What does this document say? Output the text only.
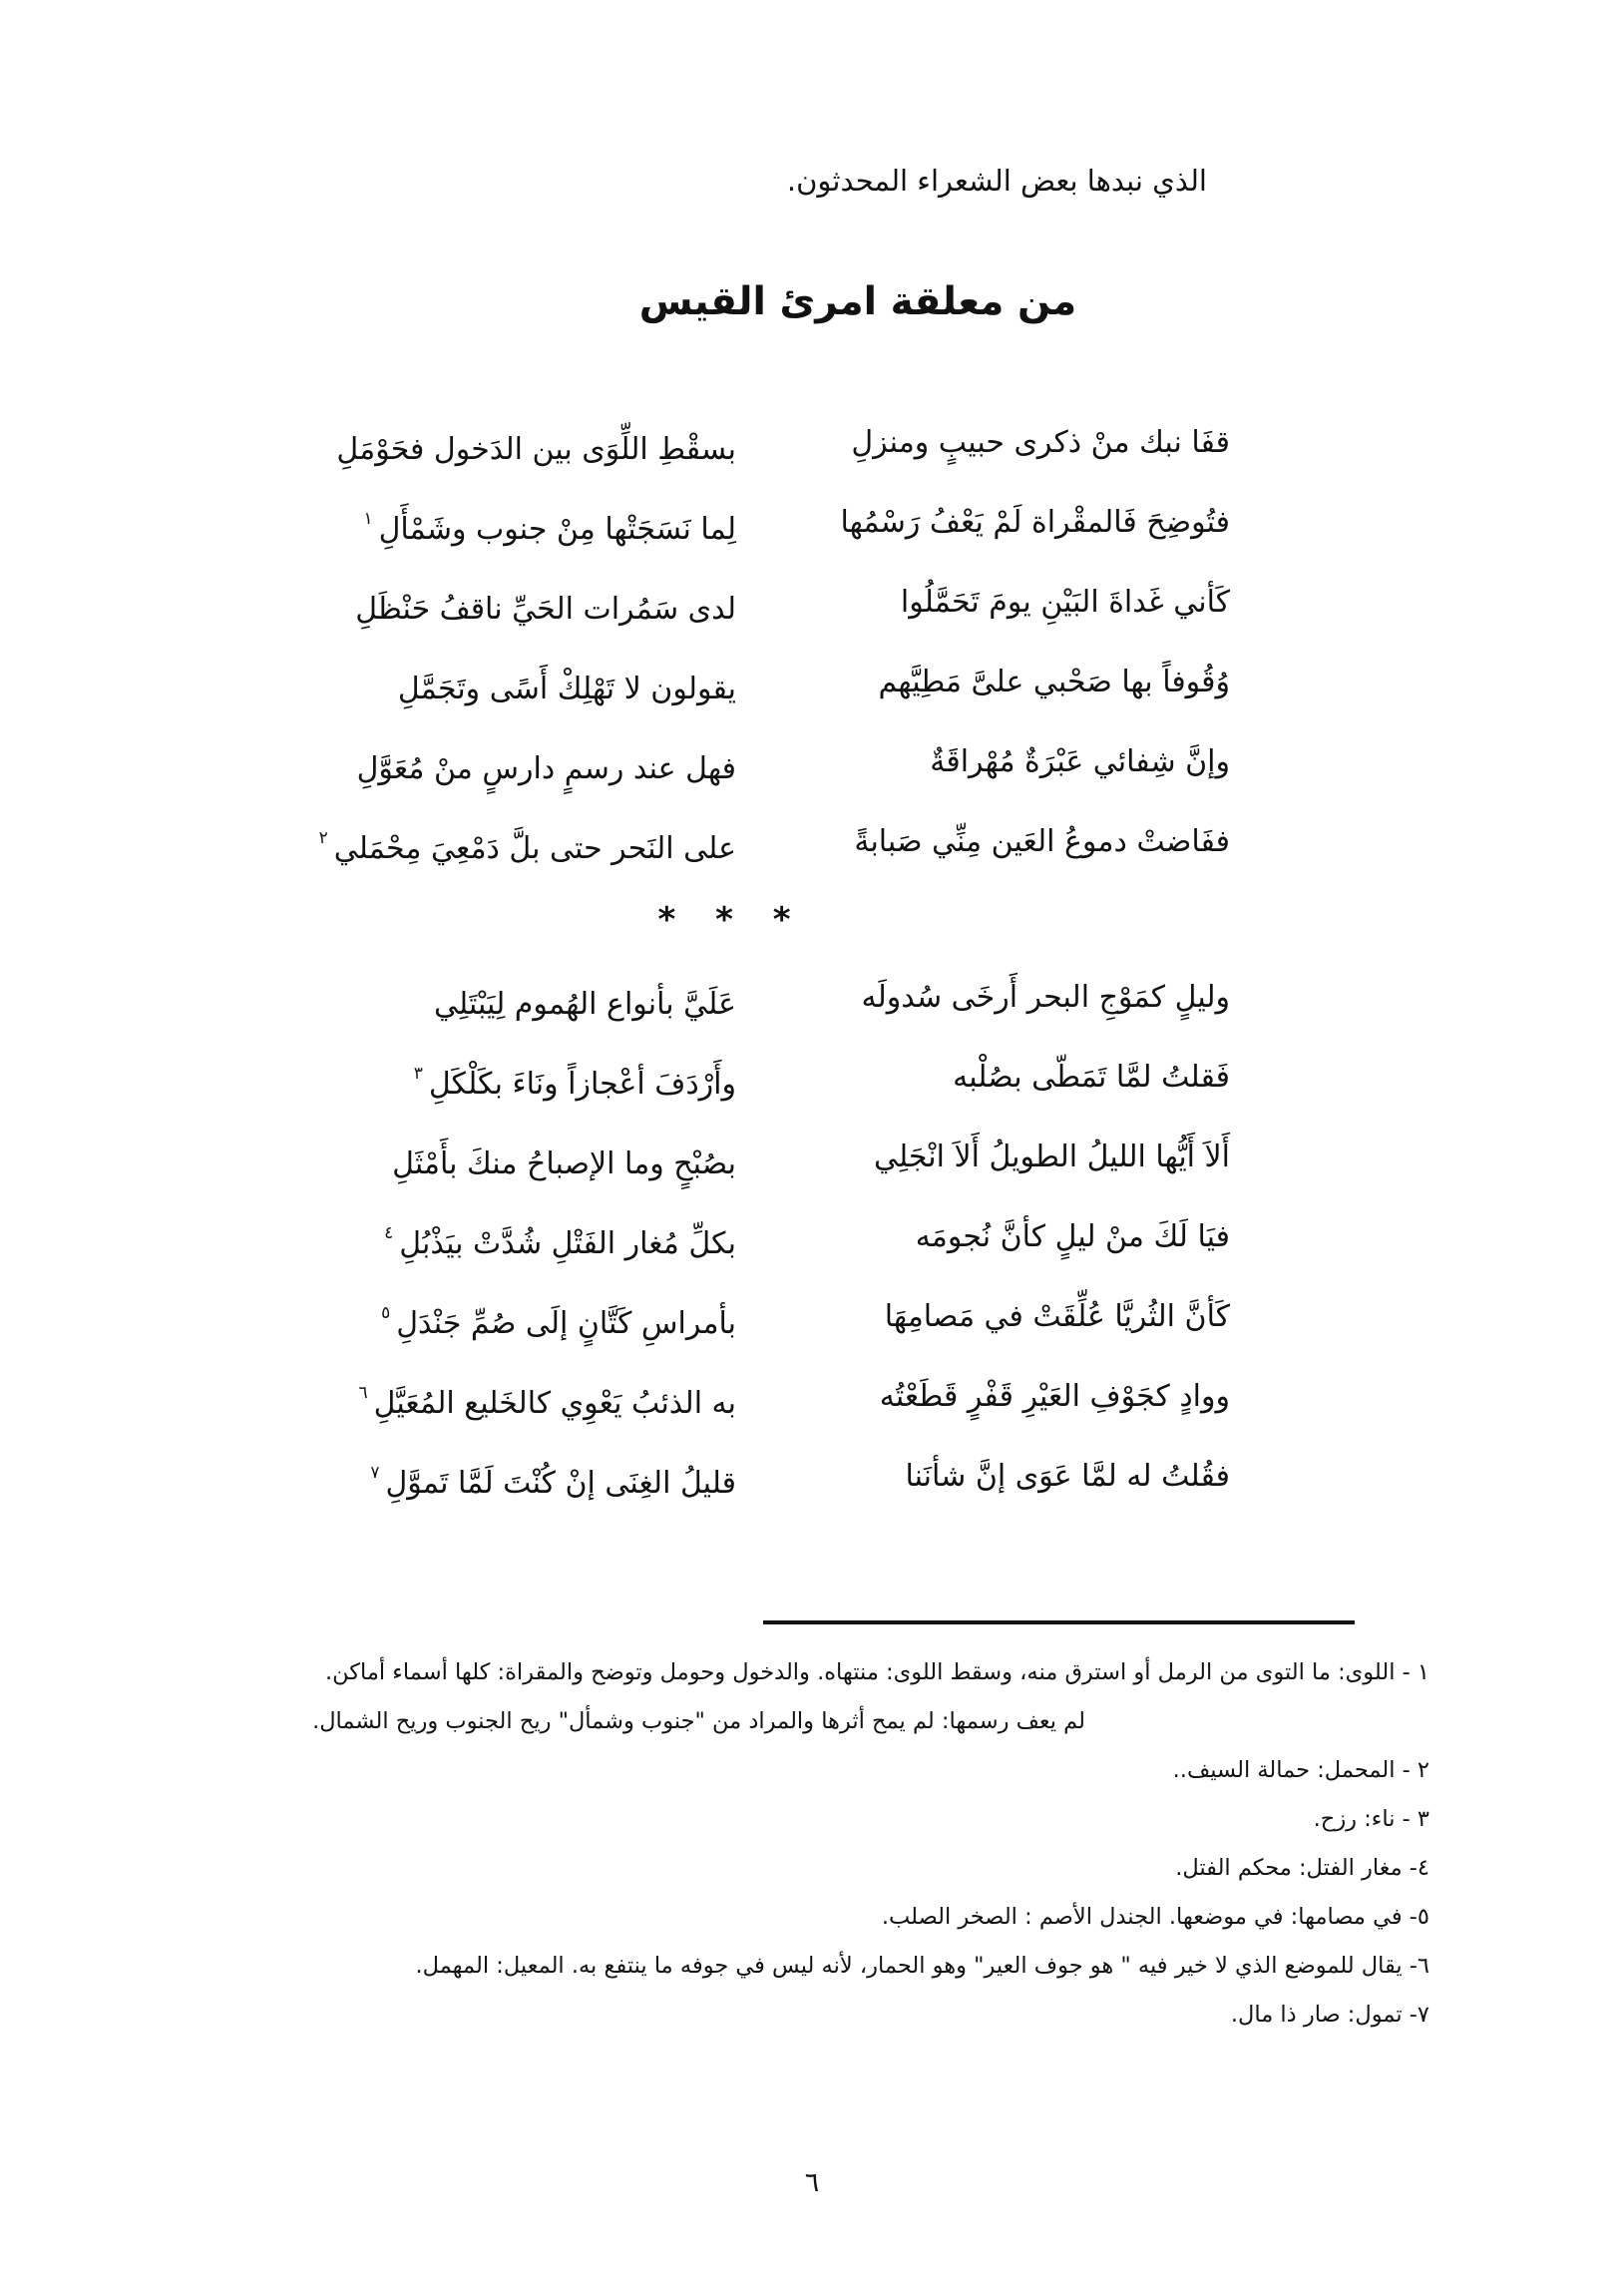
الذي نبدها بعض الشعراء المحدثون.
من معلقة امرئ القيس
قفَا نبك منْ ذكرى حبيبٍ ومنزلِ
بسقْطِ اللِّوَى بين الدَخول فحَوْمَلِ
فتُوضِحَ فَالمقْراة لَمْ يَعْفُ رَسْمُها
لِما نَسَجَتْها مِنْ جنوب وشَمْأَلِ$^١$
كَأني غَداةَ البَيْنِ يومَ تَحَمَّلُوا
لدى سَمُرات الحَيِّ ناقفُ حَنْظَلِ
وُقُوفاً بها صَحْبي علىَّ مَطِيَّهم
يقولون لا تَهْلِكْ أَسًى وتَجَمَّلِ
وإنَّ شِفائي عَبْرَةٌ مُهْراقَةٌ
فهل عند رسمٍ دارسٍ منْ مُعَوَّلِ
ففَاضتْ دموعُ العَين مِنِّي صَبابةً
على النَحر حتى بلَّ دَمْعِيَ مِحْمَلي$^٢$
* * *
وليلٍ كمَوْجِ البحر أَرخَى سُدولَه
عَلَيَّ بأنواع الهُموم لِيَبْتَلِي
فَقلتُ لمَّا تَمَطّى بصُلْبه
وأَرْدَفَ أعْجازاً ونَاءَ بكَلْكَلِ$^٣$
أَلاَ أَيُّها الليلُ الطويلُ أَلاَ انْجَلِي
بصُبْحٍ وما الإصباحُ منكَ بأَمْثَلِ
فيَا لَكَ منْ ليلٍ كأنَّ نُجومَه
بكلِّ مُغار الفَتْلِ شُدَّتْ بيَذْبُلِ$^٤$
كَأنَّ الثُريَّا عُلِّقَتْ في مَصامِهَا
بأمراسِ كَتَّانٍ إلَى صُمِّ جَنْدَلِ$^٥$
ووادٍ كجَوْفِ العَيْرِ قَفْرٍ قَطَعْتُه
به الذئبُ يَعْوِي كالخَليع المُعَيَّلِ$^٦$
فقُلتُ له لمَّا عَوَى إنَّ شأنَنا
قليلُ الغِنَى إنْ كُنْتَ لَمَّا تَموَّلِ$^٧$
١ - اللوى: ما التوى من الرمل أو استرق منه، وسقط اللوى: منتهاه. والدخول وحومل وتوضح والمقراة: كلها أسماء أماكن.
لم يعف رسمها: لم يمح أثرها والمراد من "جنوب وشمأل" ريح الجنوب وريح الشمال.
٢ - المحمل: حمالة السيف..
٣ - ناء: رزح.
٤- مغار الفتل: محكم الفتل.
٥- في مصامها: في موضعها. الجندل الأصم : الصخر الصلب.
٦- يقال للموضع الذي لا خير فيه " هو جوف العير" وهو الحمار، لأنه ليس في جوفه ما ينتفع به. المعيل: المهمل.
٧- تمول: صار ذا مال.
٦
